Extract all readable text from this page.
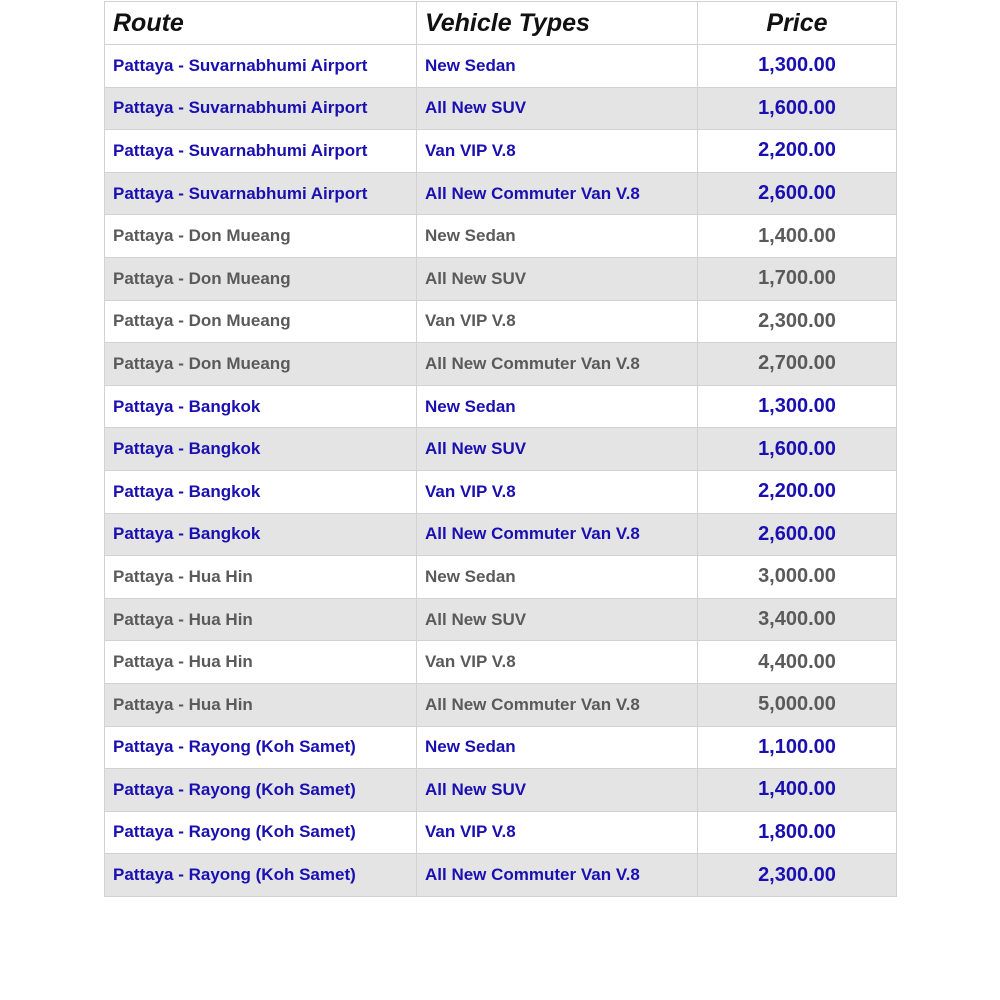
Route	Vehicle Types	Price
Pattaya - Suvarnabhumi Airport	New Sedan	1,300.00
Pattaya - Suvarnabhumi Airport	All New SUV	1,600.00
Pattaya - Suvarnabhumi Airport	Van VIP V.8	2,200.00
Pattaya - Suvarnabhumi Airport	All New Commuter Van V.8	2,600.00
Pattaya - Don Mueang	New Sedan	1,400.00
Pattaya - Don Mueang	All New SUV	1,700.00
Pattaya - Don Mueang	Van VIP V.8	2,300.00
Pattaya - Don Mueang	All New Commuter Van V.8	2,700.00
Pattaya - Bangkok	New Sedan	1,300.00
Pattaya - Bangkok	All New SUV	1,600.00
Pattaya - Bangkok	Van VIP V.8	2,200.00
Pattaya - Bangkok	All New Commuter Van V.8	2,600.00
Pattaya - Hua Hin	New Sedan	3,000.00
Pattaya - Hua Hin	All New SUV	3,400.00
Pattaya - Hua Hin	Van VIP V.8	4,400.00
Pattaya - Hua Hin	All New Commuter Van V.8	5,000.00
Pattaya - Rayong (Koh Samet)	New Sedan	1,100.00
Pattaya - Rayong (Koh Samet)	All New SUV	1,400.00
Pattaya - Rayong (Koh Samet)	Van VIP V.8	1,800.00
Pattaya - Rayong (Koh Samet)	All New Commuter Van V.8	2,300.00
